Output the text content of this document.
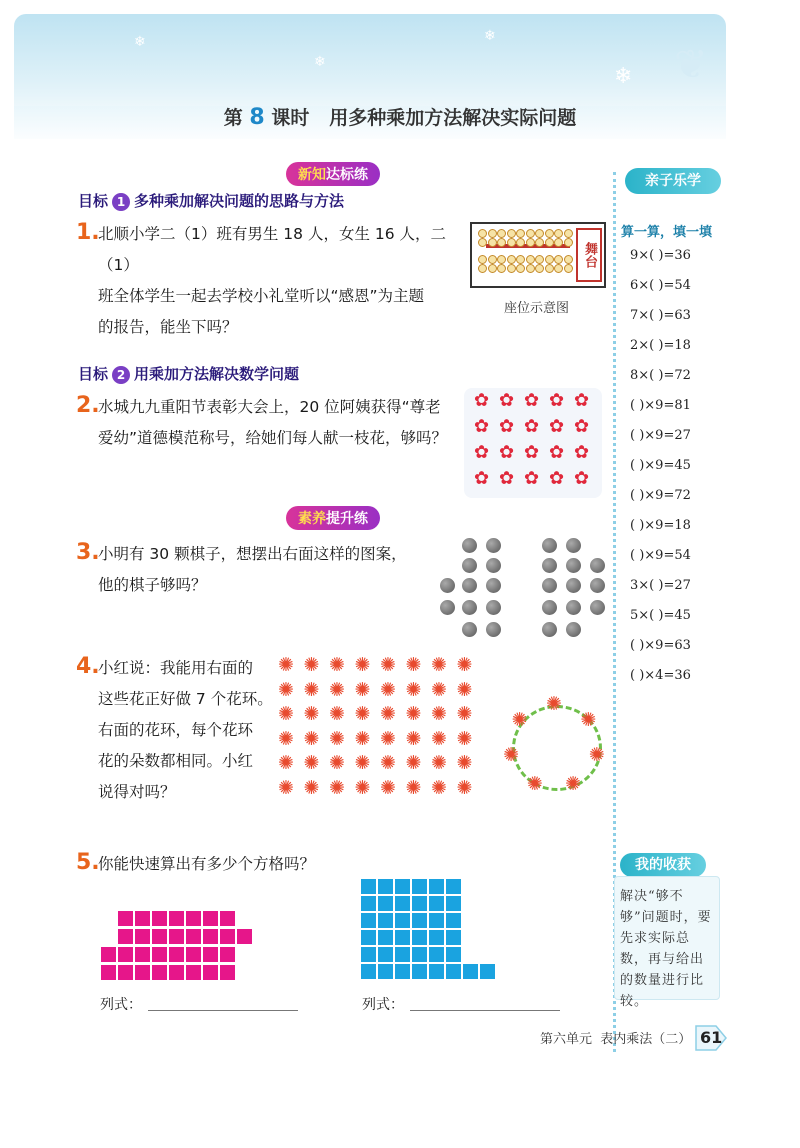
❄
❄
❄
❄ ❦
第 8 课时 用多种乘加方法解决实际问题
新知达标练
目标 1 多种乘加解决问题的思路与方法
1.
北顺小学二（1）班有男生 18 人，女生 16 人，二（1）
班全体学生一起去学校小礼堂听以“感恩”为主题
的报告，能坐下吗？
舞台
座位示意图
目标 2 用乘加方法解决数学问题
2.
水城九九重阳节表彰大会上，20 位阿姨获得“尊老
爱幼”道德模范称号，给她们每人献一枝花，够吗？
✿ ✿ ✿ ✿ ✿
✿ ✿ ✿ ✿ ✿
✿ ✿ ✿ ✿ ✿
✿ ✿ ✿ ✿ ✿
素养提升练
3.
小明有 30 颗棋子，想摆出右面这样的图案，
他的棋子够吗？
4.
小红说：我能用右面的
这些花正好做 7 个花环。
右面的花环，每个花环
花的朵数都相同。小红
说得对吗？
✺ ✺ ✺ ✺ ✺ ✺ ✺ ✺
✺ ✺ ✺ ✺ ✺ ✺ ✺ ✺
✺ ✺ ✺ ✺ ✺ ✺ ✺ ✺
✺ ✺ ✺ ✺ ✺ ✺ ✺ ✺
✺ ✺ ✺ ✺ ✺ ✺ ✺ ✺
✺ ✺ ✺ ✺ ✺ ✺ ✺ ✺
✺
✺
✺
✺
✺
✺
✺
5.
你能快速算出有多少个方格吗？
列式：	列式：
亲子乐学
算一算，填一填
9×( )=36
6×( )=54
7×( )=63
2×( )=18
8×( )=72
( )×9=81
( )×9=27
( )×9=45
( )×9=72
( )×9=18
( )×9=54
3×( )=27
5×( )=45
( )×9=63
( )×4=36
我的收获
解决“够不够”问题时，要先求实际总数，再与给出的数量进行比较。
第六单元 表内乘法（二） 61
